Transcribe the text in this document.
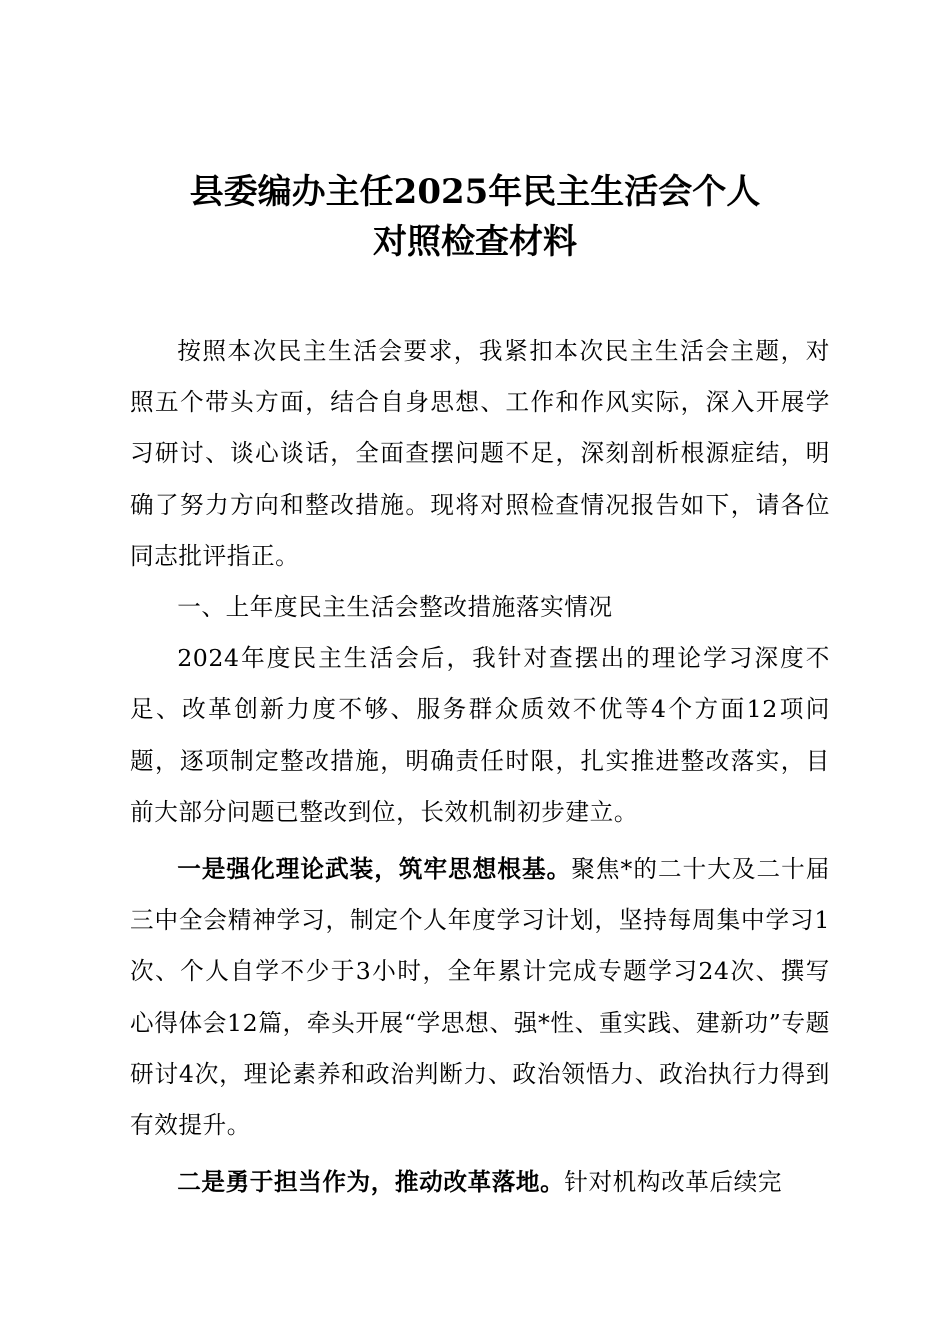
县委编办主任2025年民主生活会个人
对照检查材料

按照本次民主生活会要求，我紧扣本次民主生活会主题，对照五个带头方面，结合自身思想、工作和作风实际，深入开展学习研讨、谈心谈话，全面查摆问题不足，深刻剖析根源症结，明确了努力方向和整改措施。现将对照检查情况报告如下，请各位同志批评指正。

一、上年度民主生活会整改措施落实情况

2024年度民主生活会后，我针对查摆出的理论学习深度不足、改革创新力度不够、服务群众质效不优等4个方面12项问题，逐项制定整改措施，明确责任时限，扎实推进整改落实，目前大部分问题已整改到位，长效机制初步建立。

一是强化理论武装，筑牢思想根基。聚焦*的二十大及二十届三中全会精神学习，制定个人年度学习计划，坚持每周集中学习1次、个人自学不少于3小时，全年累计完成专题学习24次、撰写心得体会12篇，牵头开展“学思想、强*性、重实践、建新功”专题研讨4次，理论素养和政治判断力、政治领悟力、政治执行力得到有效提升。

二是勇于担当作为，推动改革落地。针对机构改革后续完
